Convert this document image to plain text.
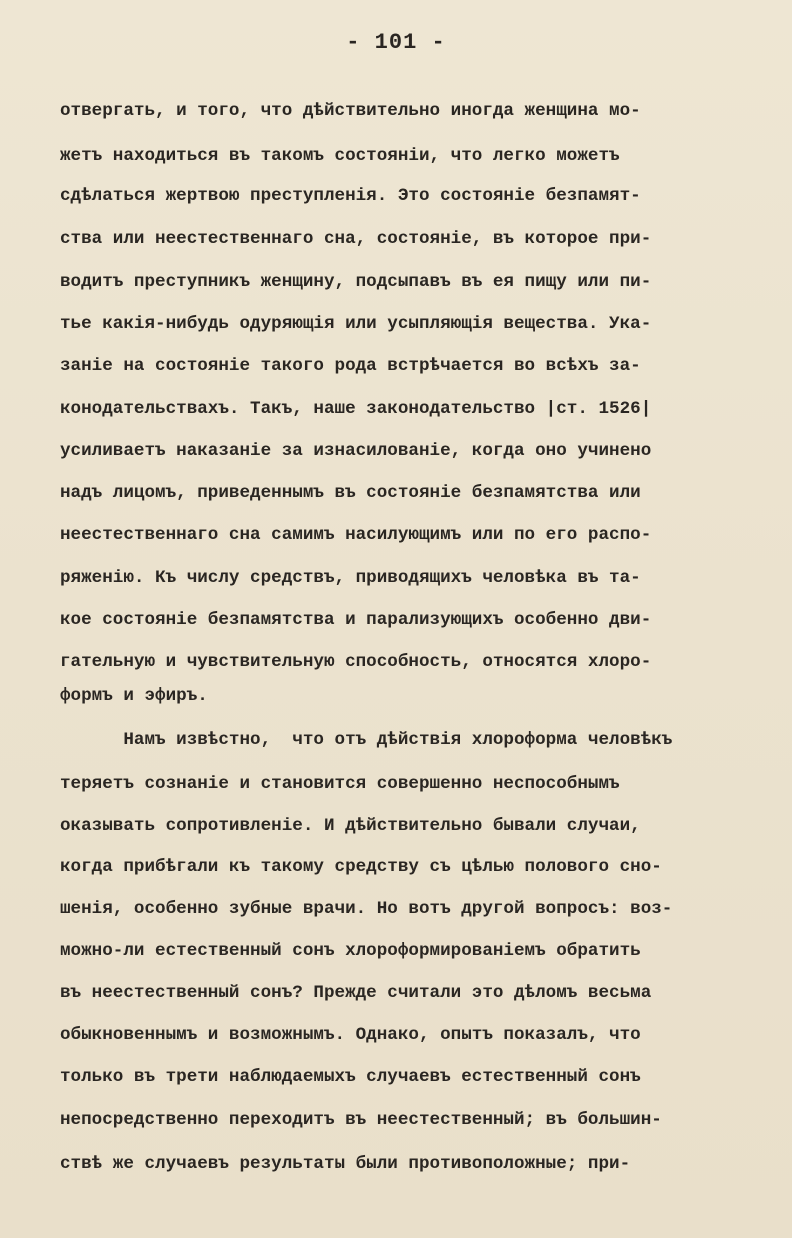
- 101 -
отвергать, и того, что дѣйствительно иногда женщина мо-
жетъ находиться въ такомъ состояніи, что легко можетъ
сдѣлаться жертвою преступленія. Это состояніе безпамят-
ства или неестественнаго сна, состояніе, въ которое при-
водитъ преступникъ женщину, подсыпавъ въ ея пищу или пи-
тье какія-нибудь одуряющія или усыпляющія вещества. Ука-
заніе на состояніе такого рода встрѣчается во всѣхъ за-
конодательствахъ. Такъ, наше законодательство |ст. 1526|
усиливаетъ наказаніе за изнасилованіе, когда оно учинено
надъ лицомъ, приведеннымъ въ состояніе безпамятства или
неестественнаго сна самимъ насилующимъ или по его распо-
ряженію. Къ числу средствъ, приводящихъ человѣка въ та-
кое состояніе безпамятства и парализующихъ особенно дви-
гательную и чувствительную способность, относятся хлоро-
формъ и эфиръ.
Намъ извѣстно,  что отъ дѣйствія хлороформа человѣкъ
теряетъ сознаніе и становится совершенно неспособнымъ
оказывать сопротивленіе. И дѣйствительно бывали случаи,
когда прибѣгали къ такому средству съ цѣлью полового сно-
шенія, особенно зубные врачи. Но вотъ другой вопросъ: воз-
можно-ли естественный сонъ хлороформированіемъ обратить
въ неестественный сонъ? Прежде считали это дѣломъ весьма
обыкновеннымъ и возможнымъ. Однако, опытъ показалъ, что
только въ трети наблюдаемыхъ случаевъ естественный сонъ
непосредственно переходитъ въ неестественный; въ большин-
ствѣ же случаевъ результаты были противоположные; при-
